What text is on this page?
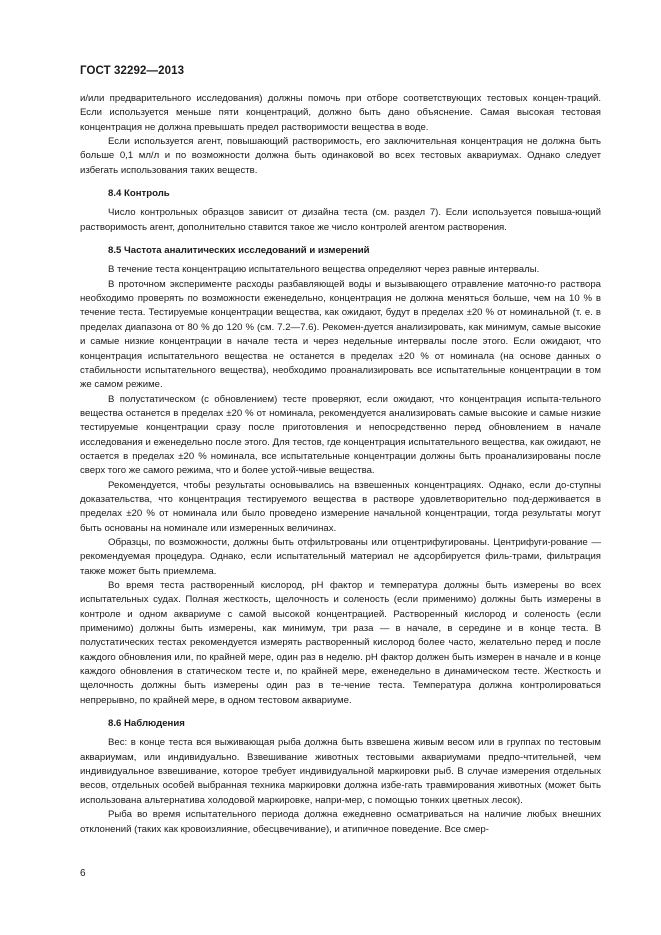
ГОСТ 32292—2013

и/или предварительного исследования) должны помочь при отборе соответствующих тестовых концен-траций. Если используется меньше пяти концентраций, должно быть дано объяснение. Самая высокая тестовая концентрация не должна превышать предел растворимости вещества в воде.

Если используется агент, повышающий растворимость, его заключительная концентрация не должна быть больше 0,1 мл/л и по возможности должна быть одинаковой во всех тестовых аквариумах. Однако следует избегать использования таких веществ.

8.4 Контроль

Число контрольных образцов зависит от дизайна теста (см. раздел 7). Если используется повыша-ющий растворимость агент, дополнительно ставится такое же число контролей агентом растворения.

8.5 Частота аналитических исследований и измерений

В течение теста концентрацию испытательного вещества определяют через равные интервалы.

В проточном эксперименте расходы разбавляющей воды и вызывающего отравление маточно-го раствора необходимо проверять по возможности еженедельно, концентрация не должна меняться больше, чем на 10 % в течение теста. Тестируемые концентрации вещества, как ожидают, будут в пределах ±20 % от номинальной (т. е. в пределах диапазона от 80 % до 120 % (см. 7.2—7.6). Рекомен-дуется анализировать, как минимум, самые высокие и самые низкие концентрации в начале теста и через недельные интервалы после этого. Если ожидают, что концентрация испытательного вещества не останется в пределах ±20 % от номинала (на основе данных о стабильности испытательного вещества), необходимо проанализировать все испытательные концентрации в том же самом режиме.

В полустатическом (с обновлением) тесте проверяют, если ожидают, что концентрация испыта-тельного вещества останется в пределах ±20 % от номинала, рекомендуется анализировать самые высокие и самые низкие тестируемые концентрации сразу после приготовления и непосредственно перед обновлением в начале исследования и еженедельно после этого. Для тестов, где концентрация испытательного вещества, как ожидают, не остается в пределах ±20 % номинала, все испытательные концентрации должны быть проанализированы после сверх того же самого режима, что и более устой-чивые вещества.

Рекомендуется, чтобы результаты основывались на взвешенных концентрациях. Однако, если до-ступны доказательства, что концентрация тестируемого вещества в растворе удовлетворительно под-держивается в пределах ±20 % от номинала или было проведено измерение начальной концентрации, тогда результаты могут быть основаны на номинале или измеренных величинах.

Образцы, по возможности, должны быть отфильтрованы или отцентрифугированы. Центрифуги-рование — рекомендуемая процедура. Однако, если испытательный материал не адсорбируется филь-трами, фильтрация также может быть приемлема.

Во время теста растворенный кислород, pH фактор и температура должны быть измерены во всех испытательных судах. Полная жесткость, щелочность и соленость (если применимо) должны быть измерены в контроле и одном аквариуме с самой высокой концентрацией. Растворенный кислород и соленость (если применимо) должны быть измерены, как минимум, три раза — в начале, в середине и в конце теста. В полустатических тестах рекомендуется измерять растворенный кислород более часто, желательно перед и после каждого обновления или, по крайней мере, один раз в неделю. pH фактор должен быть измерен в начале и в конце каждого обновления в статическом тесте и, по крайней мере, еженедельно в динамическом тесте. Жесткость и щелочность должны быть измерены один раз в те-чение теста. Температура должна контролироваться непрерывно, по крайней мере, в одном тестовом аквариуме.

8.6 Наблюдения

Вес: в конце теста вся выживающая рыба должна быть взвешена живым весом или в группах по тестовым аквариумам, или индивидуально. Взвешивание животных тестовыми аквариумами предпо-чтительней, чем индивидуальное взвешивание, которое требует индивидуальной маркировки рыб. В случае измерения отдельных весов, отдельных особей выбранная техника маркировки должна избе-гать травмирования животных (может быть использована альтернатива холодовой маркировке, напри-мер, с помощью тонких цветных лесок).

Рыба во время испытательного периода должна ежедневно осматриваться на наличие любых внешних отклонений (таких как кровоизлияние, обесцвечивание), и атипичное поведение. Все смер-

6
